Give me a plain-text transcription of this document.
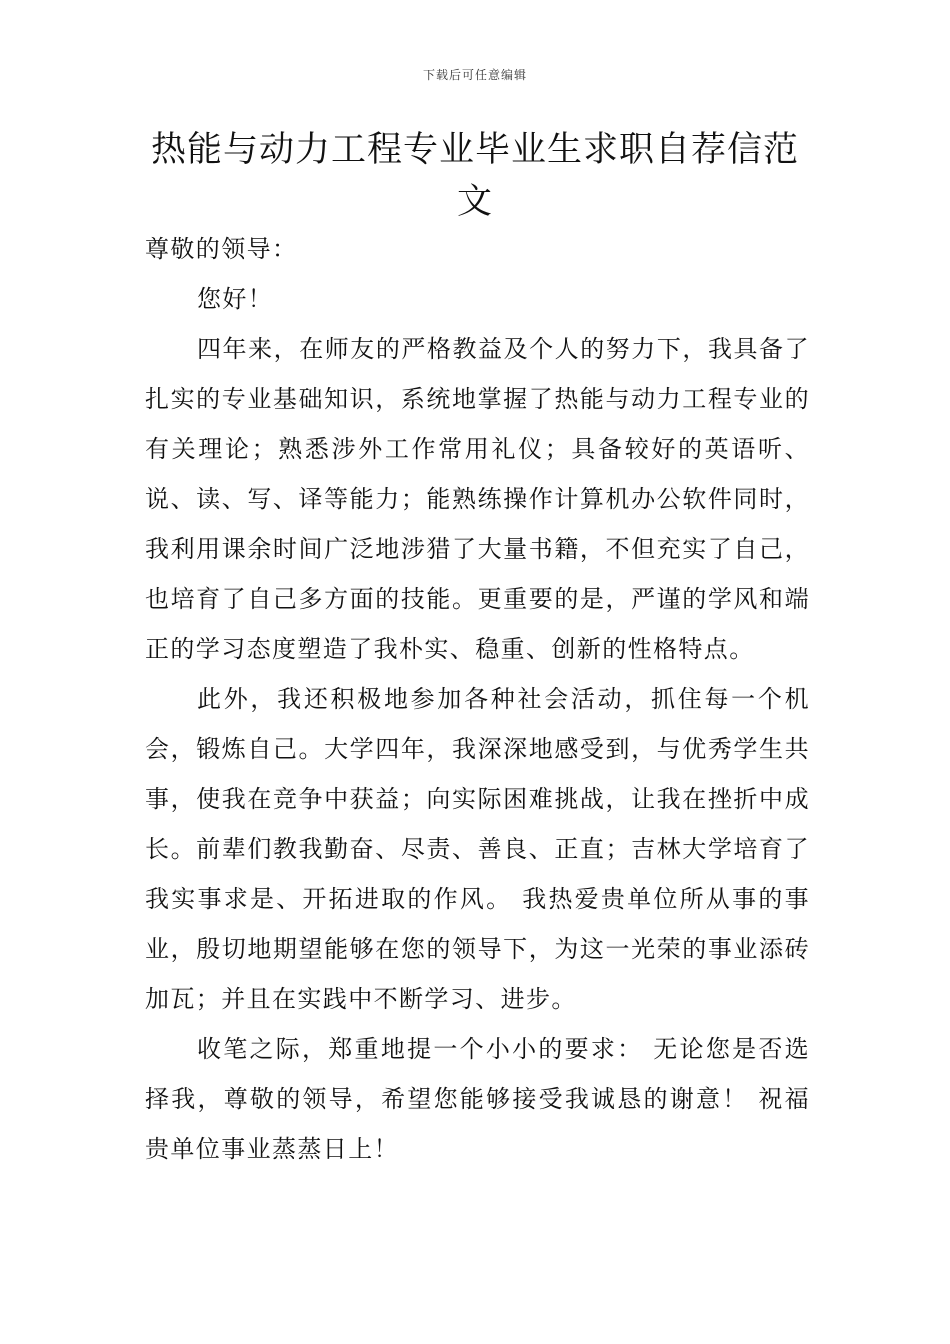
下载后可任意编辑
热能与动力工程专业毕业生求职自荐信范文

尊敬的领导：

您好！

四年来，在师友的严格教益及个人的努力下，我具备了扎实的专业基础知识，系统地掌握了热能与动力工程专业的有关理论；熟悉涉外工作常用礼仪；具备较好的英语听、说、读、写、译等能力；能熟练操作计算机办公软件同时，我利用课余时间广泛地涉猎了大量书籍，不但充实了自己，也培育了自己多方面的技能。更重要的是，严谨的学风和端正的学习态度塑造了我朴实、稳重、创新的性格特点。

此外，我还积极地参加各种社会活动，抓住每一个机会，锻炼自己。大学四年，我深深地感受到，与优秀学生共事，使我在竞争中获益；向实际困难挑战，让我在挫折中成长。前辈们教我勤奋、尽责、善良、正直；吉林大学培育了我实事求是、开拓进取的作风。 我热爱贵单位所从事的事业，殷切地期望能够在您的领导下，为这一光荣的事业添砖加瓦；并且在实践中不断学习、进步。

收笔之际，郑重地提一个小小的要求： 无论您是否选择我，尊敬的领导，希望您能够接受我诚恳的谢意！ 祝福贵单位事业蒸蒸日上！
